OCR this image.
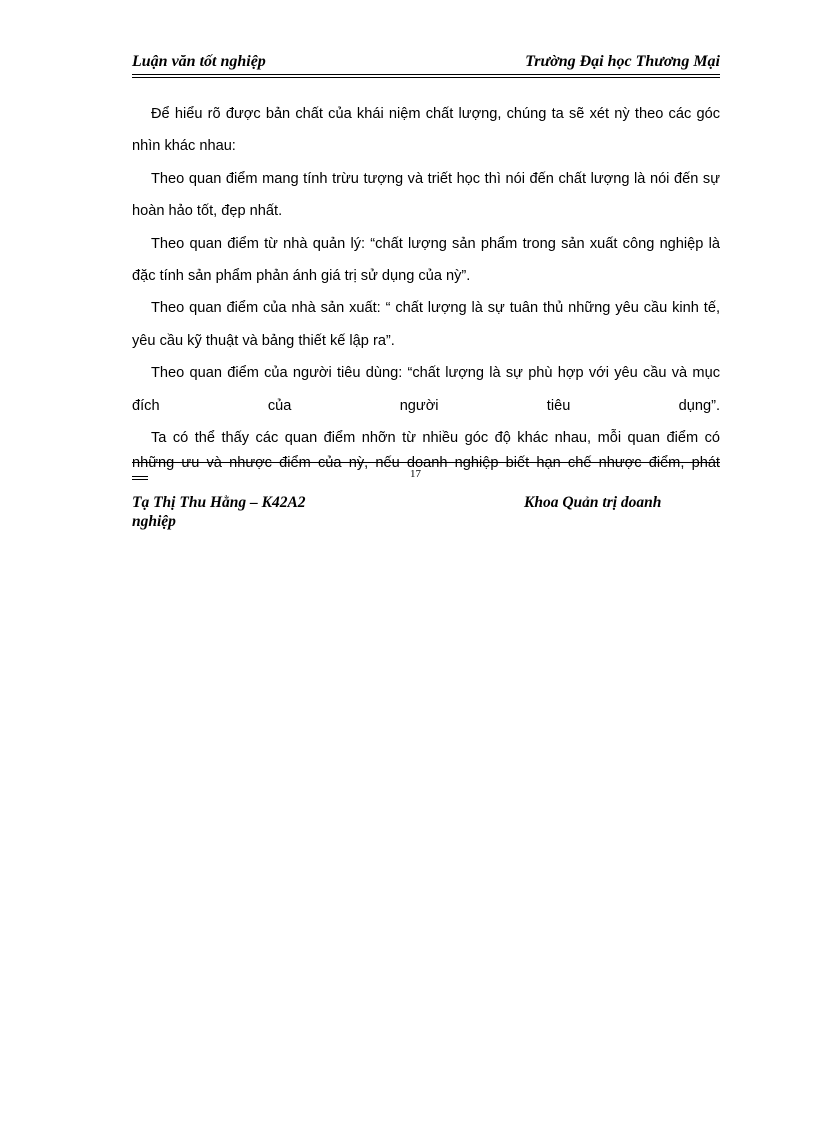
Luận văn tốt nghiệp	Trường Đại học Thương Mại

Để hiểu rõ được bản chất của khái niệm chất lượng, chúng ta sẽ xét nỳ theo các góc nhìn khác nhau:

Theo quan điểm mang tính trừu tượng và triết học thì nói đến chất lượng là nói đến sự hoàn hảo tốt, đẹp nhất.

Theo quan điểm từ nhà quản lý: “chất lượng sản phẩm trong sản xuất công nghiệp là đặc tính sản phẩm phản ánh giá trị sử dụng của nỳ”.

Theo quan điểm của nhà sản xuất: “ chất lượng là sự tuân thủ những yêu cầu kinh tế, yêu cầu kỹ thuật và bảng thiết kế lập ra”.

Theo quan điểm của người tiêu dùng: “chất lượng là sự phù hợp với yêu cầu và mục đích của người tiêu dụng”.

Ta có thể thấy các quan điểm nhỡn từ nhiều góc độ khác nhau, mỗi quan điểm có

những ưu và nhược điểm của nỳ, nếu doanh nghiệp biết hạn chế nhược điểm, phát
17
Tạ Thị Thu Hằng – K42A2	Khoa Quản trị doanh
nghiệp
